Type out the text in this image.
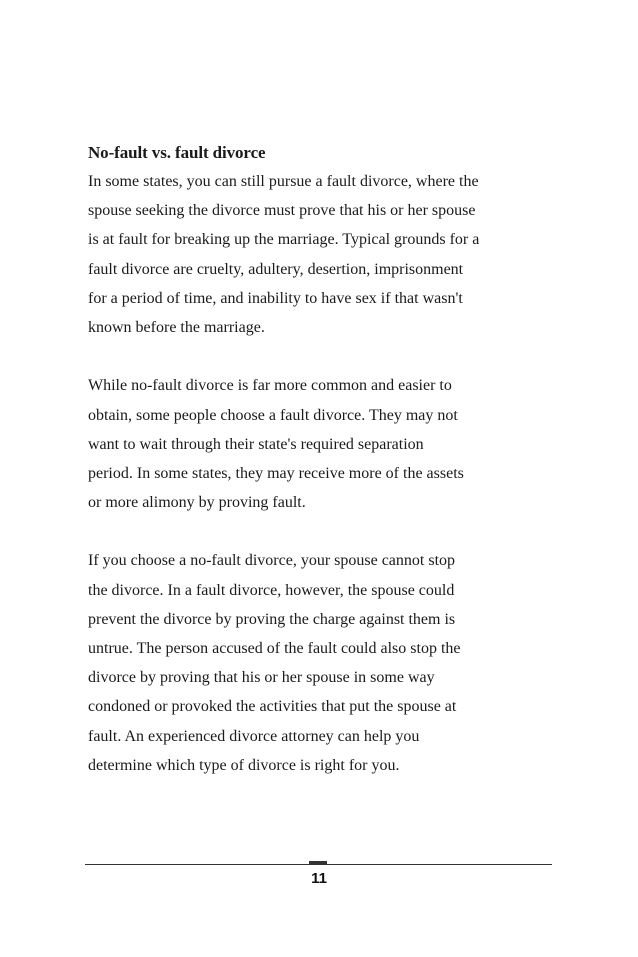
No-fault vs. fault divorce

In some states, you can still pursue a fault divorce, where the
spouse seeking the divorce must prove that his or her spouse
is at fault for breaking up the marriage. Typical grounds for a
fault divorce are cruelty, adultery, desertion, imprisonment
for a period of time, and inability to have sex if that wasn't
known before the marriage.

While no-fault divorce is far more common and easier to
obtain, some people choose a fault divorce. They may not
want to wait through their state's required separation
period. In some states, they may receive more of the assets
or more alimony by proving fault.

If you choose a no-fault divorce, your spouse cannot stop
the divorce. In a fault divorce, however, the spouse could
prevent the divorce by proving the charge against them is
untrue. The person accused of the fault could also stop the
divorce by proving that his or her spouse in some way
condoned or provoked the activities that put the spouse at
fault. An experienced divorce attorney can help you
determine which type of divorce is right for you.

11
